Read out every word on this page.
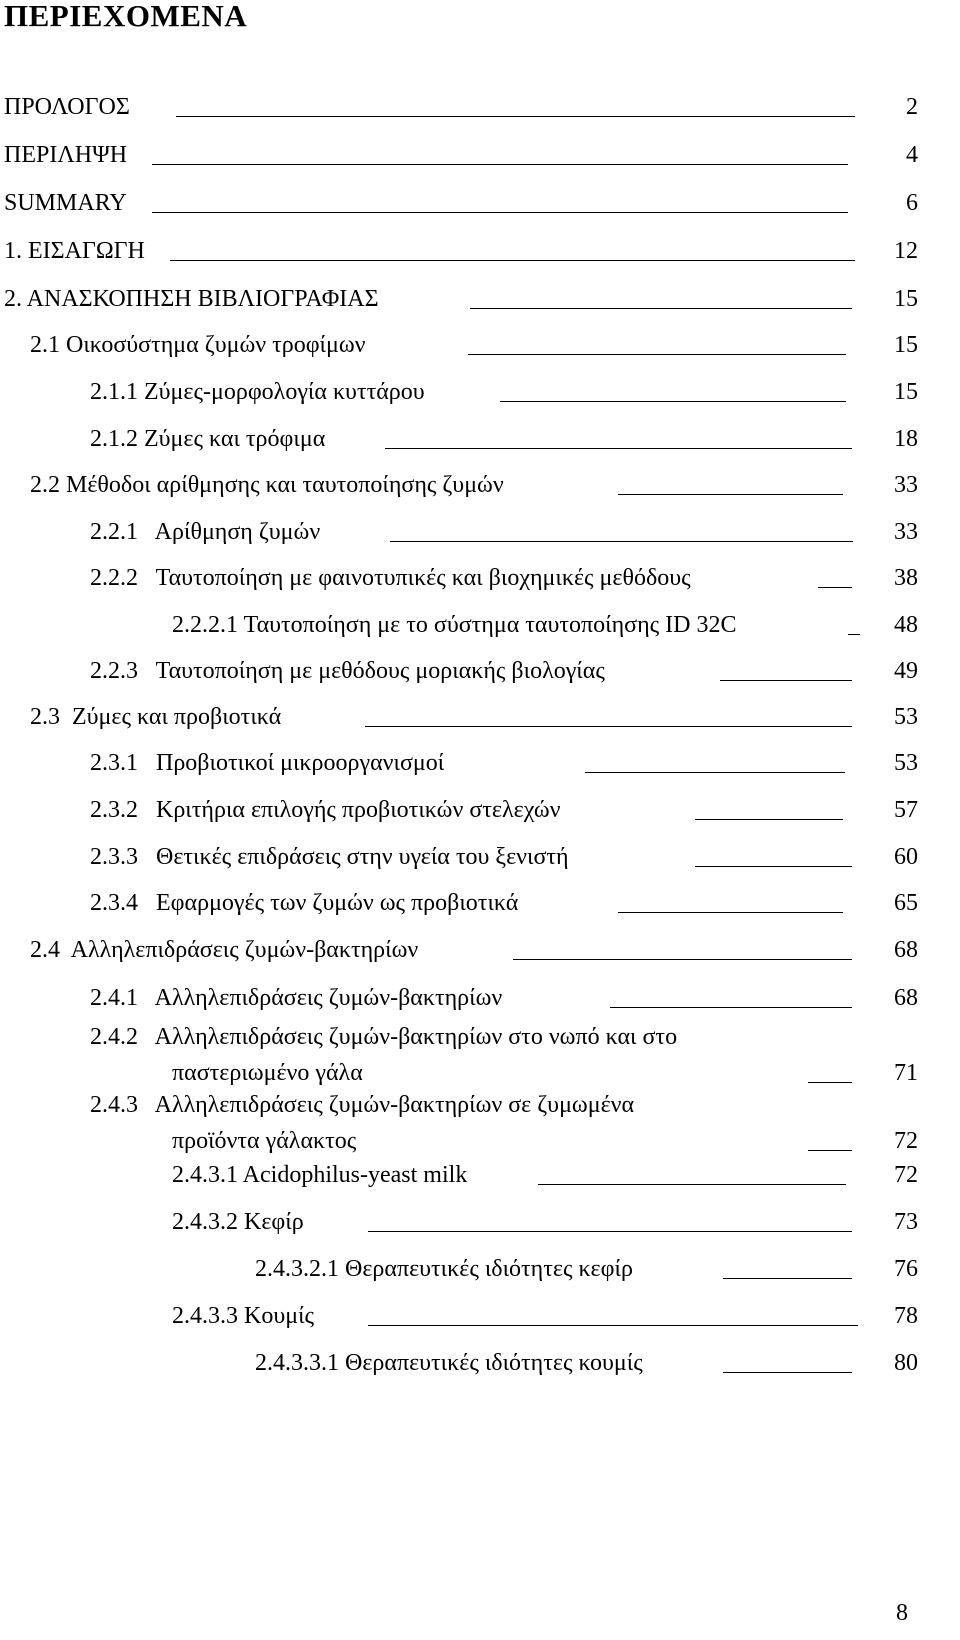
ΠΕΡΙΕΧΟΜΕΝΑ
ΠΡΟΛΟΓΟΣ	2
ΠΕΡΙΛΗΨΗ	4
SUMMARY	6
1. ΕΙΣΑΓΩΓΗ	12
2. ΑΝΑΣΚΟΠΗΣΗ ΒΙΒΛΙΟΓΡΑΦΙΑΣ	15
2.1 Οικοσύστημα ζυμών τροφίμων	15
2.1.1 Ζύμες-μορφολογία κυττάρου	15
2.1.2 Ζύμες και τρόφιμα	18
2.2 Μέθοδοι αρίθμησης και ταυτοποίησης ζυμών	33
2.2.1   Αρίθμηση ζυμών	33
2.2.2   Ταυτοποίηση με φαινοτυπικές και βιοχημικές μεθόδους	38
2.2.2.1 Ταυτοποίηση με το σύστημα ταυτοποίησης ID 32C	48
2.2.3   Ταυτοποίηση με μεθόδους μοριακής βιολογίας	49
2.3  Ζύμες και προβιοτικά	53
2.3.1   Προβιοτικοί μικροοργανισμοί	53
2.3.2   Κριτήρια επιλογής προβιοτικών στελεχών	57
2.3.3   Θετικές επιδράσεις στην υγεία του ξενιστή	60
2.3.4   Εφαρμογές των ζυμών ως προβιοτικά	65
2.4  Αλληλεπιδράσεις ζυμών-βακτηρίων	68
2.4.1   Αλληλεπιδράσεις ζυμών-βακτηρίων	68
2.4.2   Αλληλεπιδράσεις ζυμών-βακτηρίων στο νωπό και στο
παστεριωμένο γάλα	71
2.4.3   Αλληλεπιδράσεις ζυμών-βακτηρίων σε ζυμωμένα
προϊόντα γάλακτος	72
2.4.3.1 Acidophilus-yeast milk	72
2.4.3.2 Κεφίρ	73
2.4.3.2.1 Θεραπευτικές ιδιότητες κεφίρ	76
2.4.3.3 Κουμίς	78
2.4.3.3.1 Θεραπευτικές ιδιότητες κουμίς	80
8
